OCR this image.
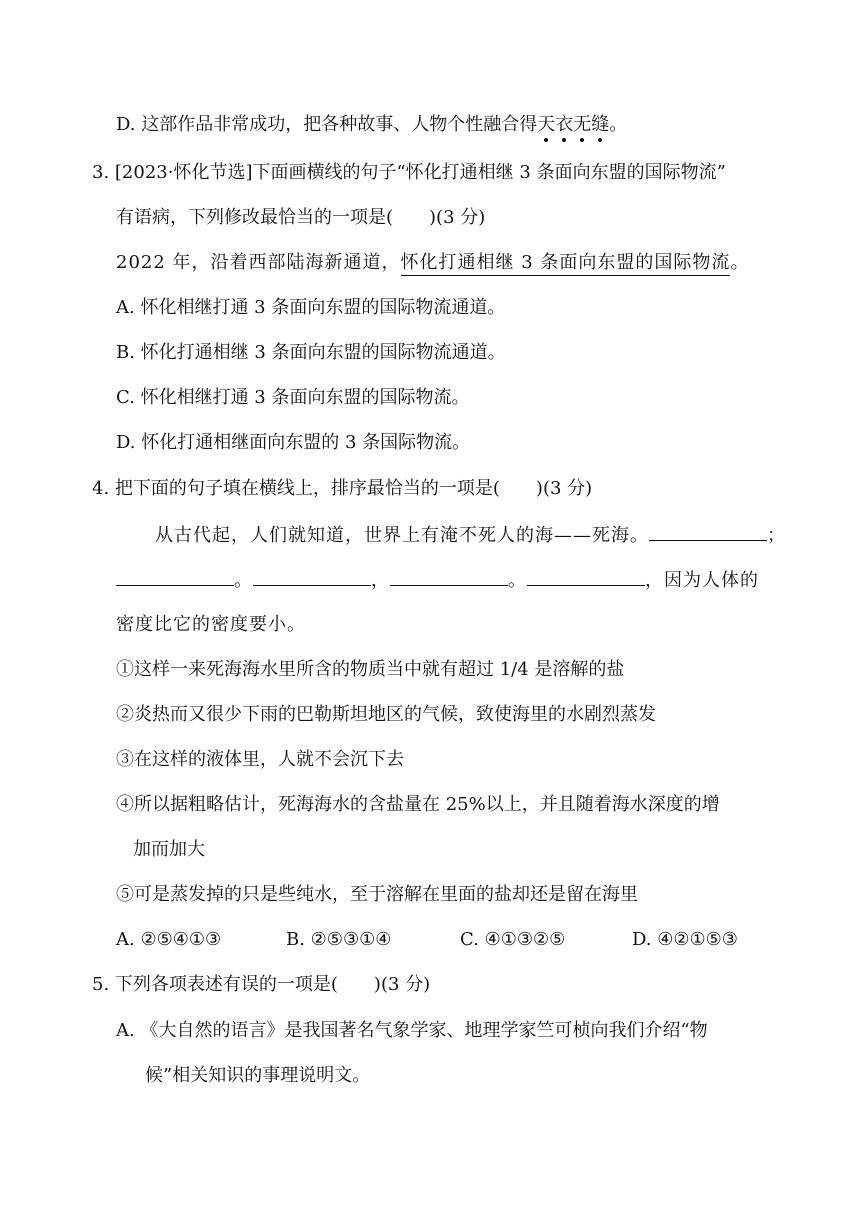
D. 这部作品非常成功，把各种故事、人物个性融合得天衣无缝。
3. [2023·怀化节选]下面画横线的句子“怀化打通相继 3 条面向东盟的国际物流”
有语病，下列修改最恰当的一项是(　　)(3 分)
2022 年，沿着西部陆海新通道，怀化打通相继 3 条面向东盟的国际物流。
A. 怀化相继打通 3 条面向东盟的国际物流通道。
B. 怀化打通相继 3 条面向东盟的国际物流通道。
C. 怀化相继打通 3 条面向东盟的国际物流。
D. 怀化打通相继面向东盟的 3 条国际物流。
4. 把下面的句子填在横线上，排序最恰当的一项是(　　)(3 分)
从古代起，人们就知道，世界上有淹不死人的海——死海。	；
。	，	。	，因为人体的
密度比它的密度要小。
①这样一来死海海水里所含的物质当中就有超过 1/4 是溶解的盐
②炎热而又很少下雨的巴勒斯坦地区的气候，致使海里的水剧烈蒸发
③在这样的液体里，人就不会沉下去
④所以据粗略估计，死海海水的含盐量在 25%以上，并且随着海水深度的增
加而加大
⑤可是蒸发掉的只是些纯水，至于溶解在里面的盐却还是留在海里
A. ②⑤④①③	B. ②⑤③①④	C. ④①③②⑤	D. ④②①⑤③
5. 下列各项表述有误的一项是(　　)(3 分)
A. 《大自然的语言》是我国著名气象学家、地理学家竺可桢向我们介绍“物
候”相关知识的事理说明文。
